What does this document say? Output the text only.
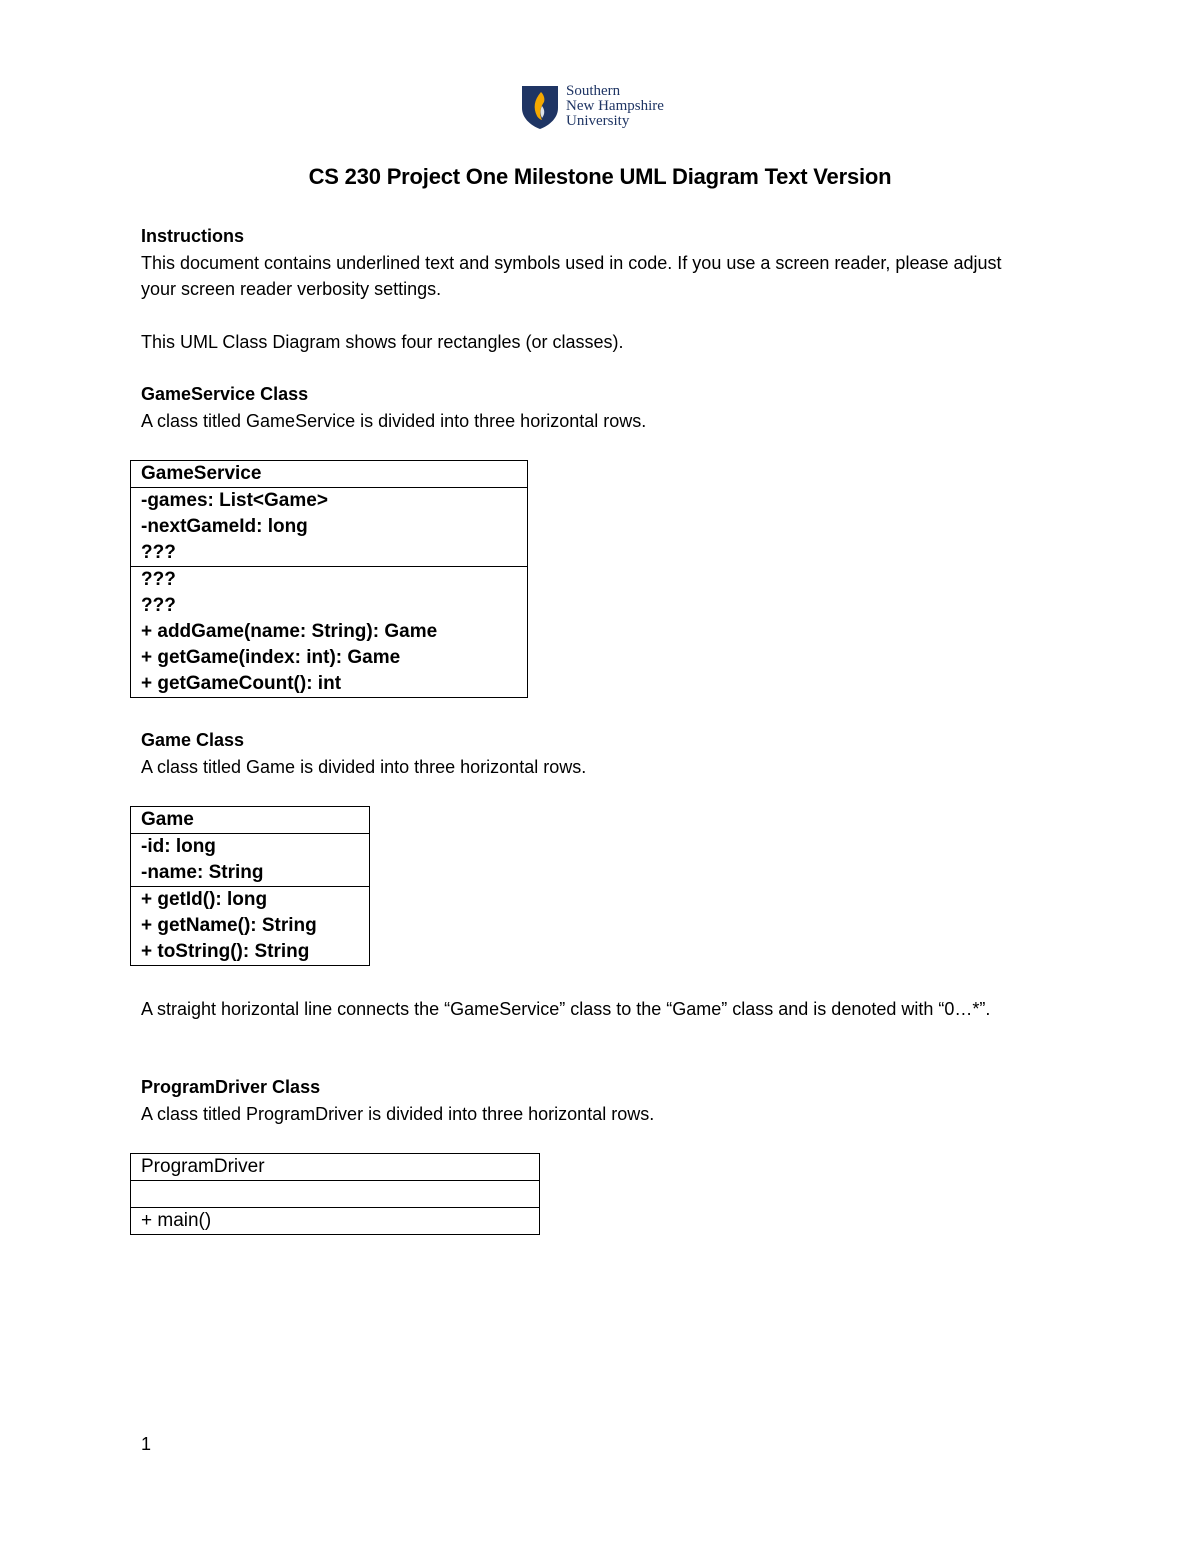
Southern
New Hampshire
University
CS 230 Project One Milestone UML Diagram Text Version
Instructions

This document contains underlined text and symbols used in code. If you use a screen reader, please adjust your screen reader verbosity settings.

This UML Class Diagram shows four rectangles (or classes).
GameService Class

A class titled GameService is divided into three horizontal rows.

GameService

-games: List<Game>
-nextGameId: long
???

???
???
+ addGame(name: String): Game
+ getGame(index: int): Game
+ getGameCount(): int
Game Class

A class titled Game is divided into three horizontal rows.

Game

-id: long
-name: String

+ getId(): long
+ getName(): String
+ toString(): String
A straight horizontal line connects the “GameService” class to the “Game” class and is denoted with “0…*”.
ProgramDriver Class

A class titled ProgramDriver is divided into three horizontal rows.

ProgramDriver

+ main()
1
